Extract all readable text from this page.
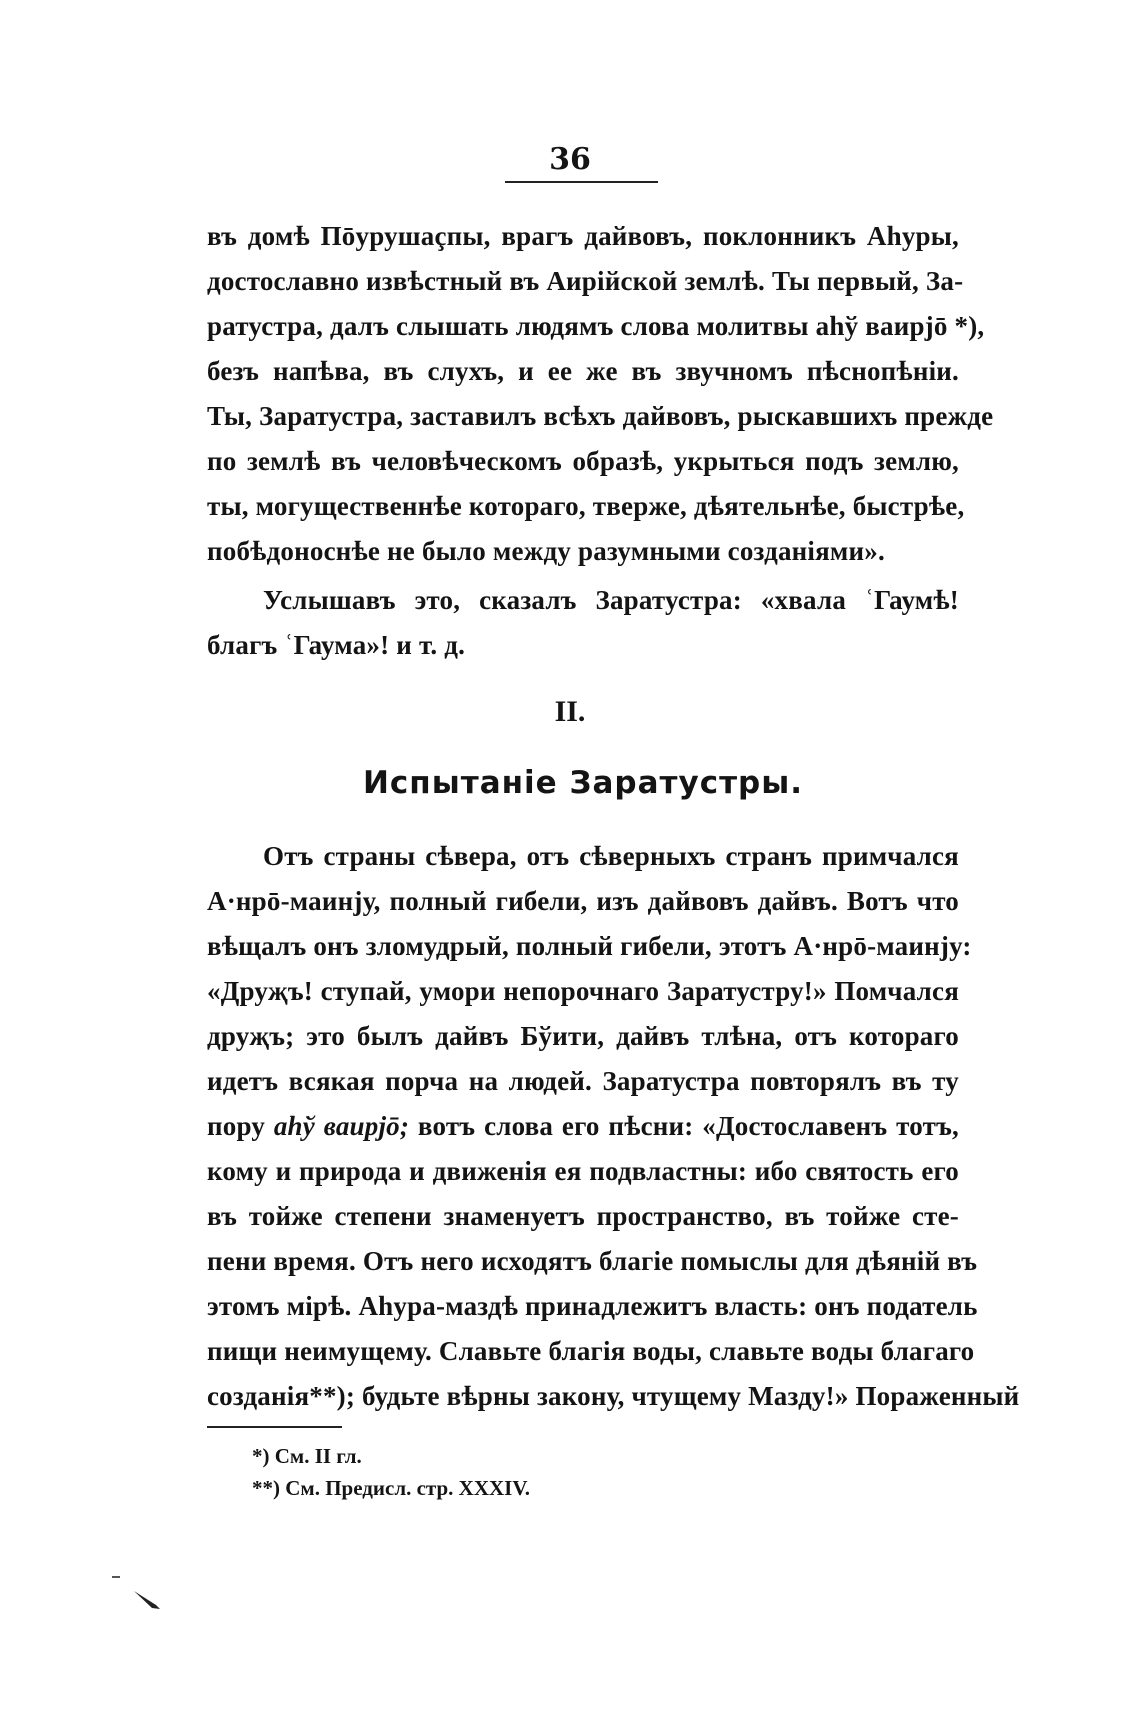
36
въ домѣ Пōурушаçпы, врагъ дайвовъ, поклонникъ Аһуры,
достославно извѣстный въ Аирійской землѣ. Ты первый, За-
ратустра, далъ слышать людямъ слова молитвы аһў ваирјō *),
безъ напѣва, въ слухъ, и ее же въ звучномъ пѣснопѣніи.
Ты, Заратустра, заставилъ всѣхъ дайвовъ, рыскавшихъ прежде
по землѣ въ человѣческомъ образѣ, укрыться подъ землю,
ты, могущественнѣе котораго, тверже, дѣятельнѣе, быстрѣе,
побѣдоноснѣе не было между разумными созданіями».
Услышавъ это, сказалъ Заратустра: «хвала ʿГаумѣ!
благъ ʿГаума»! и т. д.
II.
Испытаніе Заратустры.
Отъ страны сѣвера, отъ сѣверныхъ странъ примчался
А·нрō-маинју, полный гибели, изъ дайвовъ дайвъ. Вотъ что
вѣщалъ онъ зломудрый, полный гибели, этотъ А·нрō-маинју:
«Друҗъ! ступай, умори непорочнаго Заратустру!» Помчался
друҗъ; это былъ дайвъ Бўити, дайвъ тлѣна, отъ котораго
идетъ всякая порча на людей. Заратустра повторялъ въ ту
пору аһў ваирјō; вотъ слова его пѣсни: «Достославенъ тотъ,
кому и природа и движенія ея подвластны: ибо святость его
въ тойже степени знаменуетъ пространство, въ тойже сте-
пени время. Отъ него исходятъ благіе помыслы для дѣяній въ
этомъ мірѣ. Аһура-маздѣ принадлежитъ власть: онъ податель
пищи неимущему. Славьте благія воды, славьте воды благаго
созданія**); будьте вѣрны закону, чтущему Мазду!» Пораженный
*) См. II гл.
**) См. Предисл. стр. XXXIV.
